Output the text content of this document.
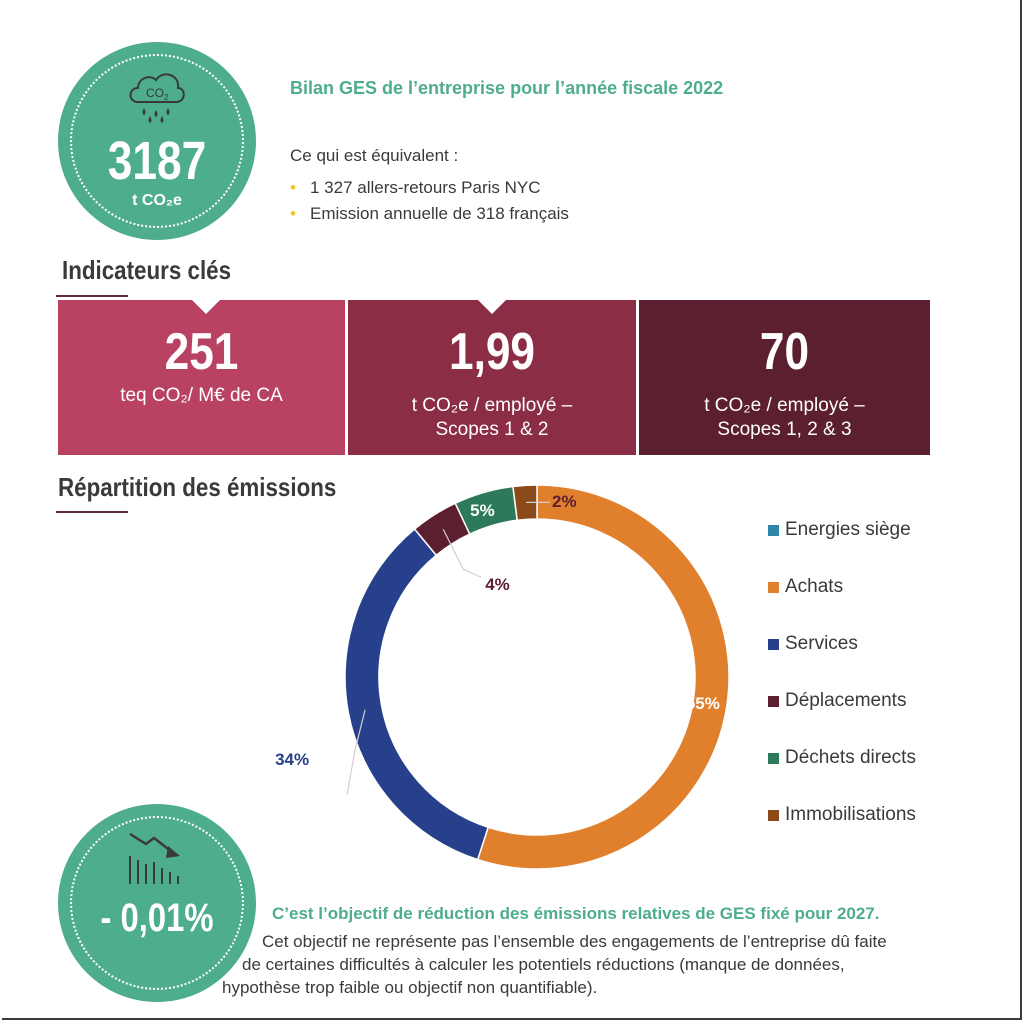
CO 2
3187
t CO₂e
Bilan GES de l’entreprise pour l’année fiscale 2022
Ce qui est équivalent :
• 1 327 allers-retours Paris NYC
• Emission annuelle de 318 français
Indicateurs clés
251
teq CO₂/ M€ de CA
1,99
t CO₂e / employé –
Scopes 1 & 2
70
t CO₂e / employé –
Scopes 1, 2 & 3
Répartition des émissions
Energies siège
Achats
Services
Déplacements
Déchets directs
Immobilisations
- 0,01%	C’est l’objectif de réduction des émissions relatives de GES fixé pour 2027.
Cet objectif ne représente pas l’ensemble des engagements de l’entreprise dû faite
de certaines difficultés à calculer les potentiels réductions (manque de données,
hypothèse trop faible ou objectif non quantifiable).
55%
34%
4%
5%	2%
